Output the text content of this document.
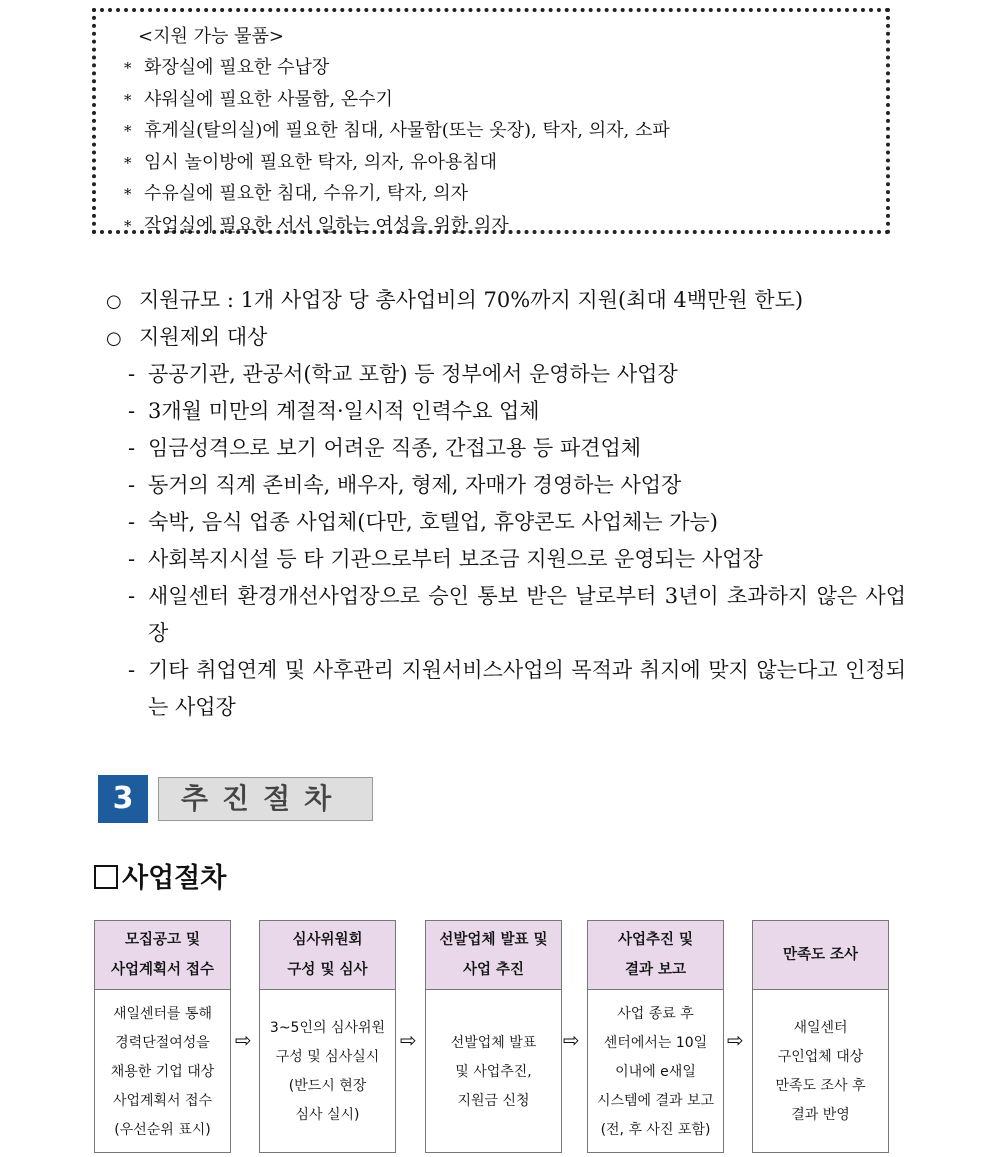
<지원 가능 물품>
* 화장실에 필요한 수납장
* 샤워실에 필요한 사물함, 온수기
* 휴게실(탈의실)에 필요한 침대, 사물함(또는 옷장), 탁자, 의자, 소파
* 임시 놀이방에 필요한 탁자, 의자, 유아용침대
* 수유실에 필요한 침대, 수유기, 탁자, 의자
* 작업실에 필요한 서서 일하는 여성을 위한 의자
○ 지원규모 : 1개 사업장 당 총사업비의 70%까지 지원(최대 4백만원 한도)
○ 지원제외 대상
- 공공기관, 관공서(학교 포함) 등 정부에서 운영하는 사업장
- 3개월 미만의 계절적·일시적 인력수요 업체
- 임금성격으로 보기 어려운 직종, 간접고용 등 파견업체
- 동거의 직계 존비속, 배우자, 형제, 자매가 경영하는 사업장
- 숙박, 음식 업종 사업체(다만, 호텔업, 휴양콘도 사업체는 가능)
- 사회복지시설 등 타 기관으로부터 보조금 지원으로 운영되는 사업장
- 새일센터 환경개선사업장으로 승인 통보 받은 날로부터 3년이 초과하지 않은 사업장
- 기타 취업연계 및 사후관리 지원서비스사업의 목적과 취지에 맞지 않는다고 인정되는 사업장
3	추진절차
사업절차
모집공고 및
사업계획서 접수
새일센터를 통해
경력단절여성을
채용한 기업 대상
사업계획서 접수
(우선순위 표시)
⇨
심사위원회
구성 및 심사
3~5인의 심사위원
구성 및 심사실시
(반드시 현장
심사 실시)
⇨
선발업체 발표 및
사업 추진
선발업체 발표
및 사업추진,
지원금 신청
⇨
사업추진 및
결과 보고
사업 종료 후
센터에서는 10일
이내에 e새일
시스템에 결과 보고
(전, 후 사진 포함)
⇨
만족도 조사
새일센터
구인업체 대상
만족도 조사 후
결과 반영
